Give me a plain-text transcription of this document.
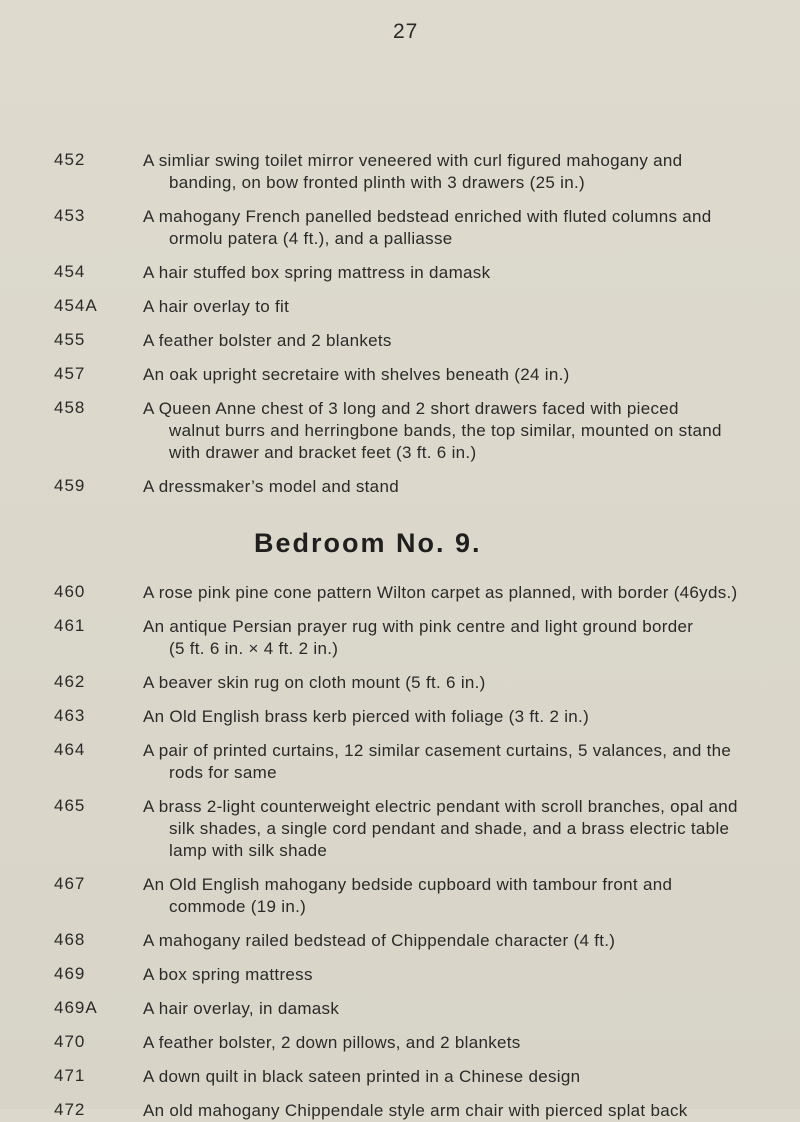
27
452	A simliar swing toilet mirror veneered with curl figured mahogany and
banding, on bow fronted plinth with 3 drawers (25 in.)
453	A mahogany French panelled bedstead enriched with fluted columns and
ormolu patera (4 ft.), and a palliasse
454	A hair stuffed box spring mattress in damask
454A	A hair overlay to fit
455	A feather bolster and 2 blankets
457	An oak upright secretaire with shelves beneath (24 in.)
458	A Queen Anne chest of 3 long and 2 short drawers faced with pieced
walnut burrs and herringbone bands, the top similar, mounted on stand
with drawer and bracket feet (3 ft. 6 in.)
459	A dressmaker’s model and stand
Bedroom No. 9.
460	A rose pink pine cone pattern Wilton carpet as planned, with border (46yds.)
461	An antique Persian prayer rug with pink centre and light ground border
(5 ft. 6 in. × 4 ft. 2 in.)
462	A beaver skin rug on cloth mount (5 ft. 6 in.)
463	An Old English brass kerb pierced with foliage (3 ft. 2 in.)
464	A pair of printed curtains, 12 similar casement curtains, 5 valances, and the
rods for same
465	A brass 2-light counterweight electric pendant with scroll branches, opal and
silk shades, a single cord pendant and shade, and a brass electric table
lamp with silk shade
467	An Old English mahogany bedside cupboard with tambour front and
commode (19 in.)
468	A mahogany railed bedstead of Chippendale character (4 ft.)
469	A box spring mattress
469A	A hair overlay, in damask
470	A feather bolster, 2 down pillows, and 2 blankets
471	A down quilt in black sateen printed in a Chinese design
472	An old mahogany Chippendale style arm chair with pierced splat back
